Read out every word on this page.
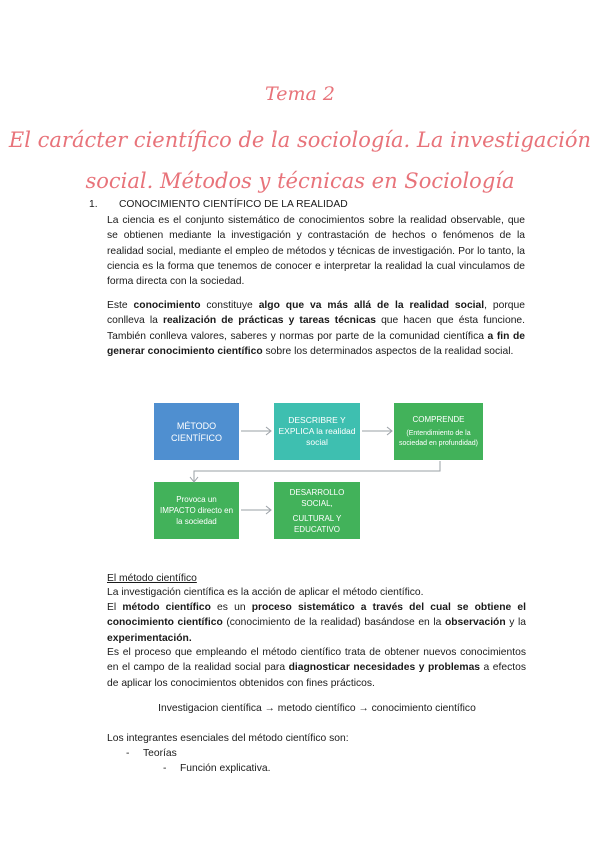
Tema 2
El carácter científico de la sociología. La investigación
social. Métodos y técnicas en Sociología
1. CONOCIMIENTO CIENTÍFICO DE LA REALIDAD

La ciencia es el conjunto sistemático de conocimientos sobre la realidad observable, que se obtienen mediante la investigación y contrastación de hechos o fenómenos de la realidad social, mediante el empleo de métodos y técnicas de investigación. Por lo tanto, la ciencia es la forma que tenemos de conocer e interpretar la realidad la cual vinculamos de forma directa con la sociedad.

Este conocimiento constituye algo que va más allá de la realidad social, porque conlleva la realización de prácticas y tareas técnicas que hacen que ésta funcione. También conlleva valores, saberes y normas por parte de la comunidad científica a fin de generar conocimiento científico sobre los determinados aspectos de la realidad social.

MÉTODO CIENTÍFICO
DESCRIBRE Y EXPLICA la realidad social
COMPRENDE
(Entendimiento de la sociedad en profundidad)
Provoca un IMPACTO directo en la sociedad
DESARROLLO SOCIAL,
CULTURAL Y EDUCATIVO

El método científico

La investigación científica es la acción de aplicar el método científico.

El método científico es un proceso sistemático a través del cual se obtiene el conocimiento científico (conocimiento de la realidad) basándose en la observación y la experimentación.

Es el proceso que empleando el método científico trata de obtener nuevos conocimientos en el campo de la realidad social para diagnosticar necesidades y problemas a efectos de aplicar los conocimientos obtenidos con fines prácticos.

Investigacion científica → metodo científico → conocimiento científico

Los integrantes esenciales del método científico son:

- Teorías

- Función explicativa.
